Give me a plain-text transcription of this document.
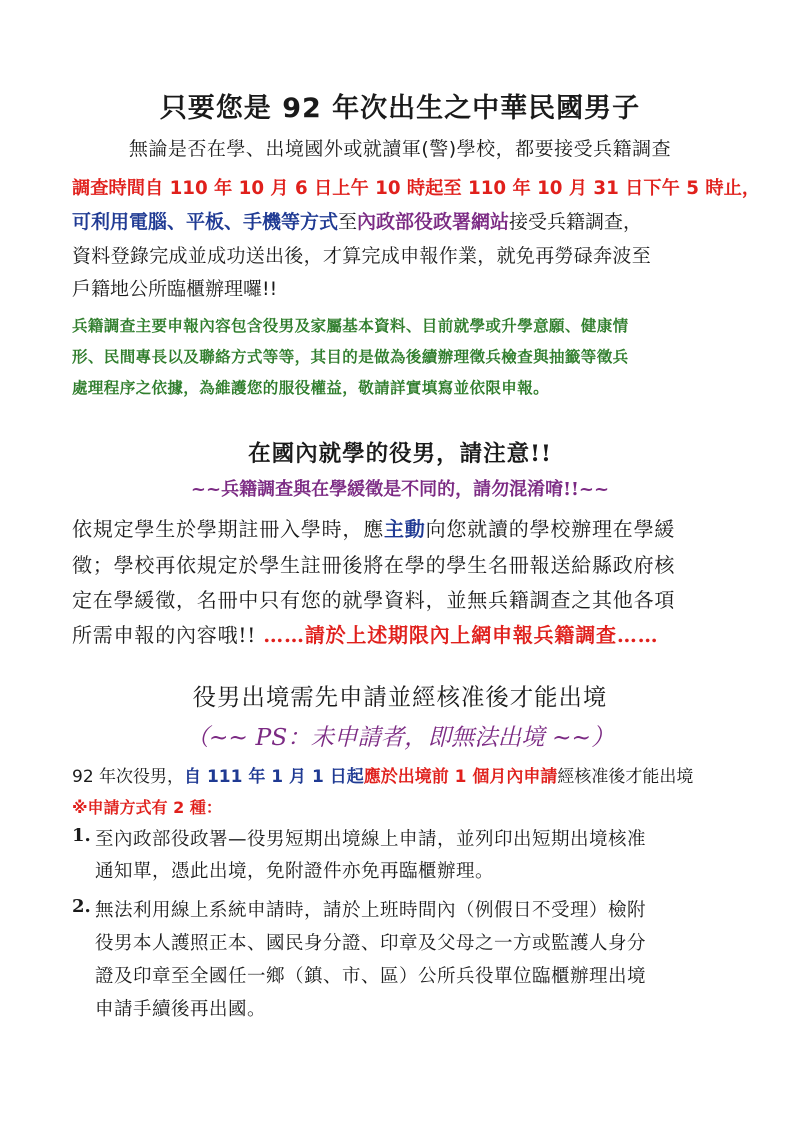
只要您是 92 年次出生之中華民國男子
無論是否在學、出境國外或就讀軍(警)學校，都要接受兵籍調查
調查時間自 110 年 10 月 6 日上午 10 時起至 110 年 10 月 31 日下午 5 時止，
可利用電腦、平板、手機等方式至內政部役政署網站接受兵籍調查，
資料登錄完成並成功送出後，才算完成申報作業，就免再勞碌奔波至
戶籍地公所臨櫃辦理囉!!
兵籍調查主要申報內容包含役男及家屬基本資料、目前就學或升學意願、健康情
形、民間專長以及聯絡方式等等，其目的是做為後續辦理徵兵檢查與抽籤等徵兵
處理程序之依據，為維護您的服役權益，敬請詳實填寫並依限申報。
在國內就學的役男，請注意!!
~~兵籍調查與在學緩徵是不同的，請勿混淆唷!!~~
依規定學生於學期註冊入學時，應主動向您就讀的學校辦理在學緩
徵；學校再依規定於學生註冊後將在學的學生名冊報送給縣政府核
定在學緩徵，名冊中只有您的就學資料，並無兵籍調查之其他各項
所需申報的內容哦!! ……請於上述期限內上網申報兵籍調查……
役男出境需先申請並經核准後才能出境
（~~ PS：未申請者，即無法出境 ~~）
92 年次役男，自 111 年 1 月 1 日起應於出境前 1 個月內申請經核准後才能出境
※申請方式有 2 種：
1. 至內政部役政署—役男短期出境線上申請，並列印出短期出境核准
通知單，憑此出境，免附證件亦免再臨櫃辦理。
2. 無法利用線上系統申請時，請於上班時間內（例假日不受理）檢附
役男本人護照正本、國民身分證、印章及父母之一方或監護人身分
證及印章至全國任一鄉（鎮、市、區）公所兵役單位臨櫃辦理出境
申請手續後再出國。
